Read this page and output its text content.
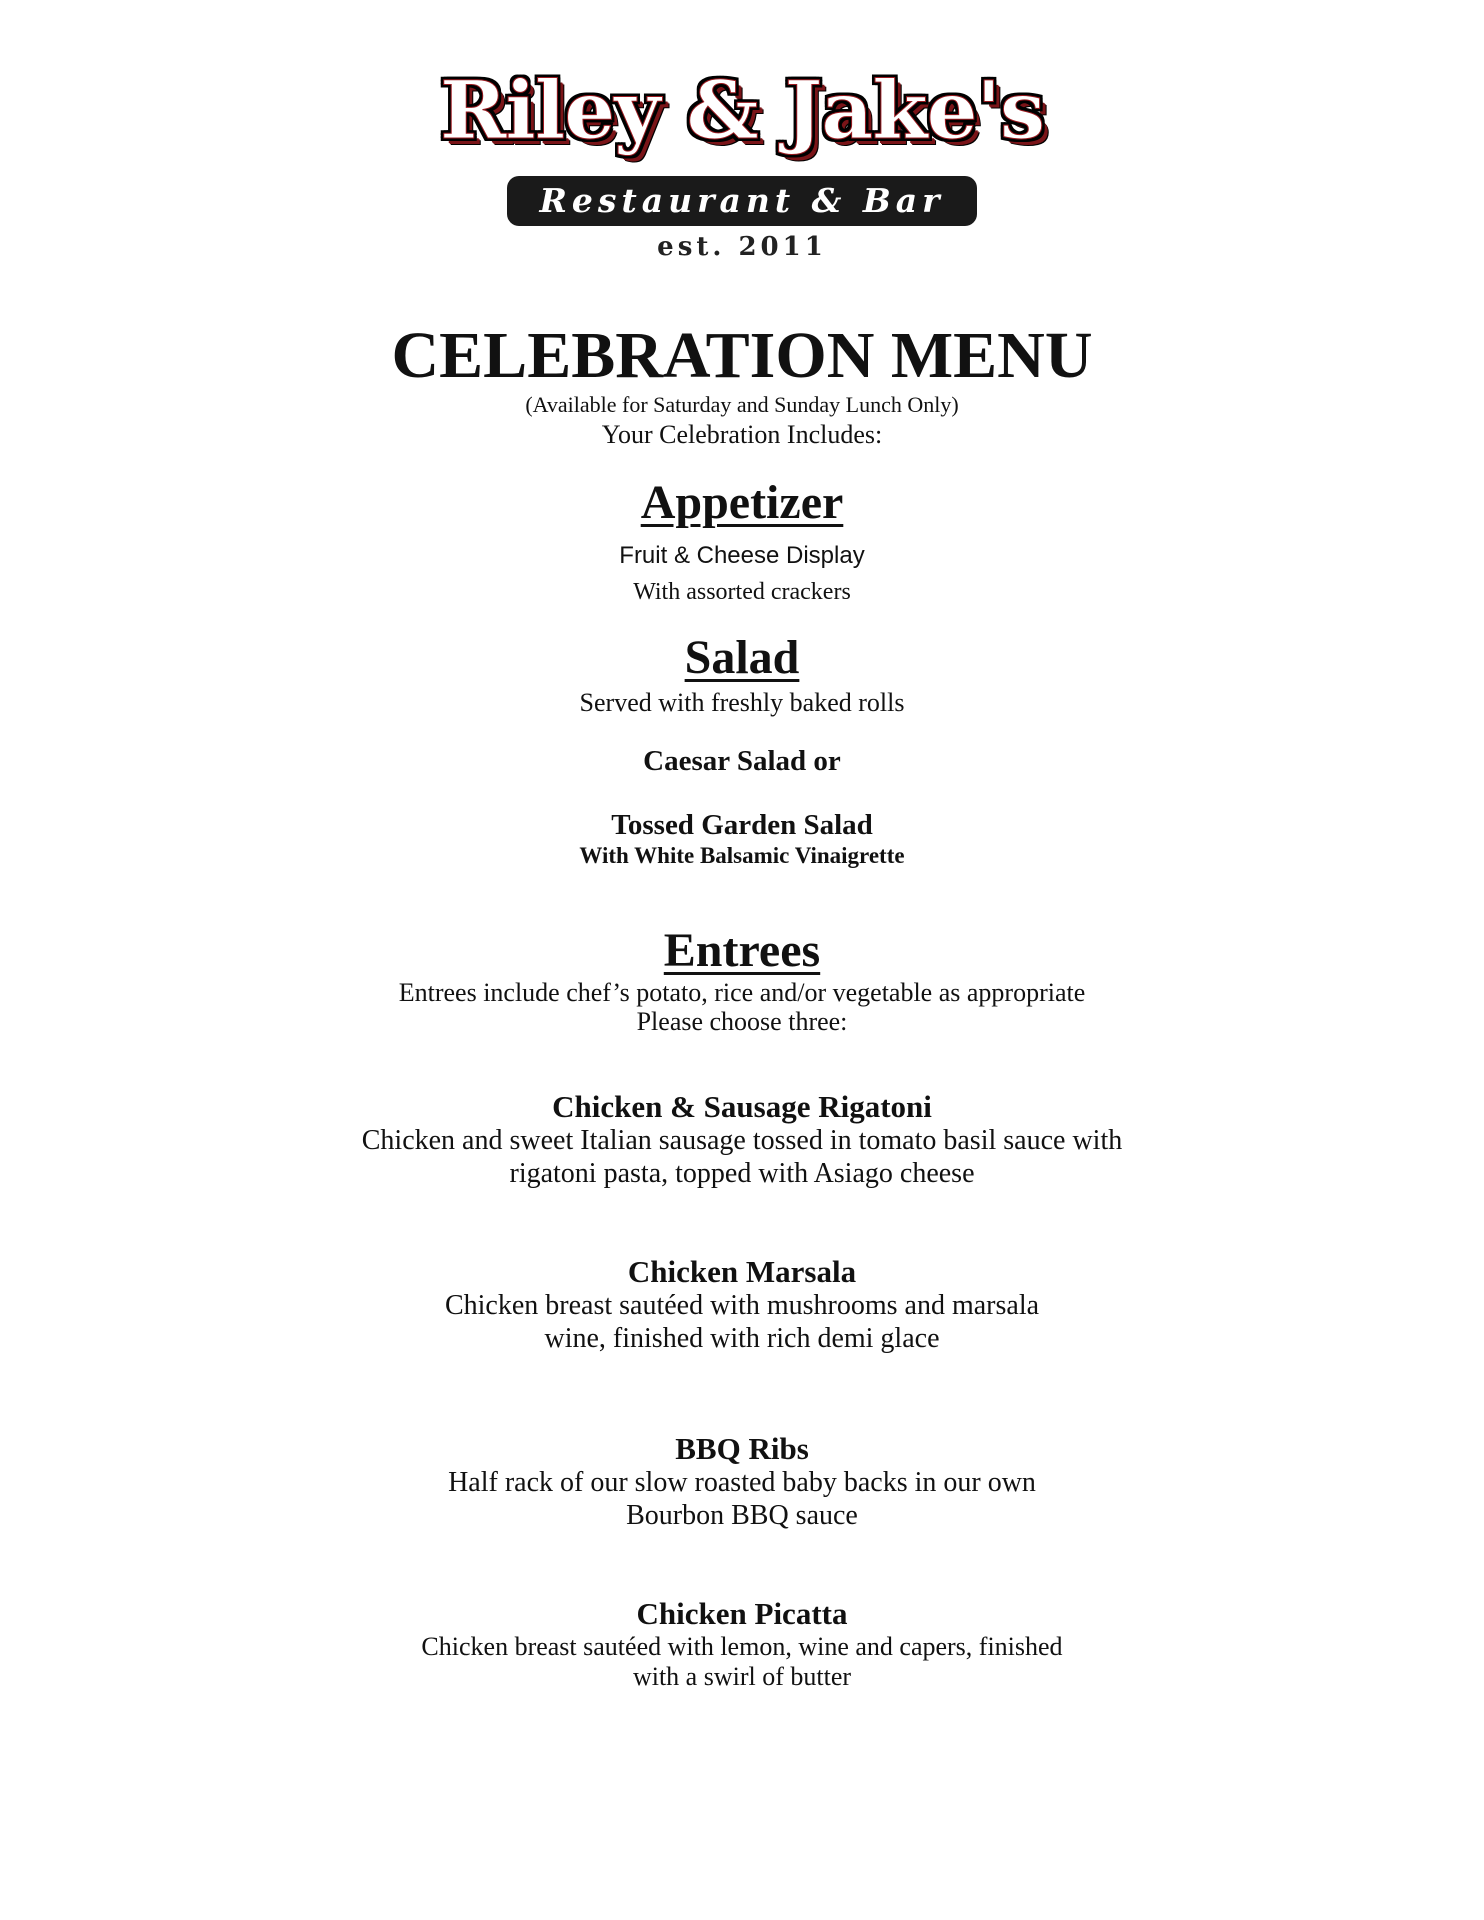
Riley & Jake's
Restaurant & Bar
est. 2011
CELEBRATION MENU
(Available for Saturday and Sunday Lunch Only)
Your Celebration Includes:
Appetizer
Fruit & Cheese Display
With assorted crackers
Salad
Served with freshly baked rolls
Caesar Salad or
Tossed Garden Salad
With White Balsamic Vinaigrette
Entrees
Entrees include chef’s potato, rice and/or vegetable as appropriate
Please choose three:
Chicken & Sausage Rigatoni
Chicken and sweet Italian sausage tossed in tomato basil sauce with
rigatoni pasta, topped with Asiago cheese
Chicken Marsala
Chicken breast sautéed with mushrooms and marsala
wine, finished with rich demi glace
BBQ Ribs
Half rack of our slow roasted baby backs in our own
Bourbon BBQ sauce
Chicken Picatta
Chicken breast sautéed with lemon, wine and capers, finished
with a swirl of butter
